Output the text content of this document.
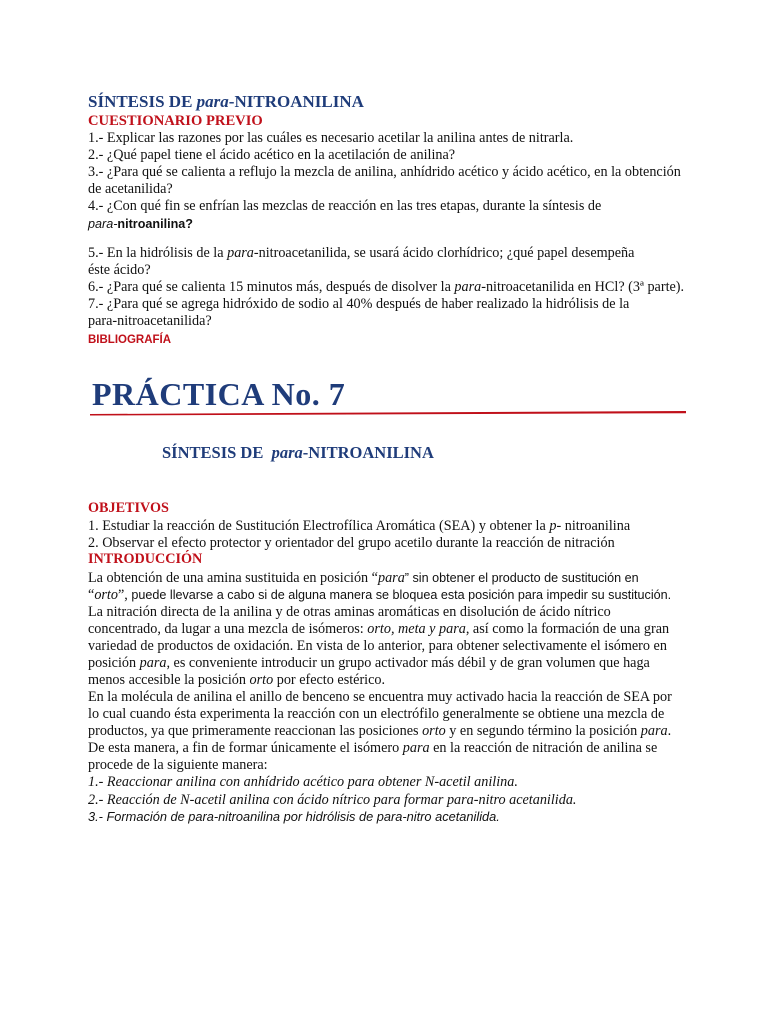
SÍNTESIS DE para-NITROANILINA
CUESTIONARIO PREVIO
1.- Explicar las razones por las cuáles es necesario acetilar la anilina antes de nitrarla.
2.- ¿Qué papel tiene el ácido acético en la acetilación de anilina?
3.- ¿Para qué se calienta a reflujo la mezcla de anilina, anhídrido acético y ácido acético, en la obtención
de acetanilida?
4.- ¿Con qué fin se enfrían las mezclas de reacción en las tres etapas, durante la síntesis de
para-nitroanilina?
5.- En la hidrólisis de la para-nitroacetanilida, se usará ácido clorhídrico; ¿qué papel desempeña
éste ácido?
6.- ¿Para qué se calienta 15 minutos más, después de disolver la para-nitroacetanilida en HCl? (3ª parte).
7.- ¿Para qué se agrega hidróxido de sodio al 40% después de haber realizado la hidrólisis de la
para-nitroacetanilida?
BIBLIOGRAFÍA
PRÁCTICA No. 7
SÍNTESIS DE  para-NITROANILINA
OBJETIVOS
1. Estudiar la reacción de Sustitución Electrofílica Aromática (SEA) y obtener la p- nitroanilina
2. Observar el efecto protector y orientador del grupo acetilo durante la reacción de nitración
INTRODUCCIÓN
La obtención de una amina sustituida en posición “para” sin obtener el producto de sustitución en
“orto”, puede llevarse a cabo si de alguna manera se bloquea esta posición para impedir su sustitución.
La nitración directa de la anilina y de otras aminas aromáticas en disolución de ácido nítrico
concentrado, da lugar a una mezcla de isómeros: orto, meta y para, así como la formación de una gran
variedad de productos de oxidación. En vista de lo anterior, para obtener selectivamente el isómero en
posición para, es conveniente introducir un grupo activador más débil y de gran volumen que haga
menos accesible la posición orto por efecto estérico.
En la molécula de anilina el anillo de benceno se encuentra muy activado hacia la reacción de SEA por
lo cual cuando ésta experimenta la reacción con un electrófilo generalmente se obtiene una mezcla de
productos, ya que primeramente reaccionan las posiciones orto y en segundo término la posición para.
De esta manera, a fin de formar únicamente el isómero para en la reacción de nitración de anilina se
procede de la siguiente manera:
1.- Reaccionar anilina con anhídrido acético para obtener N-acetil anilina.
2.- Reacción de N-acetil anilina con ácido nítrico para formar para-nitro acetanilida.
3.- Formación de para-nitroanilina por hidrólisis de para-nitro acetanilida.
